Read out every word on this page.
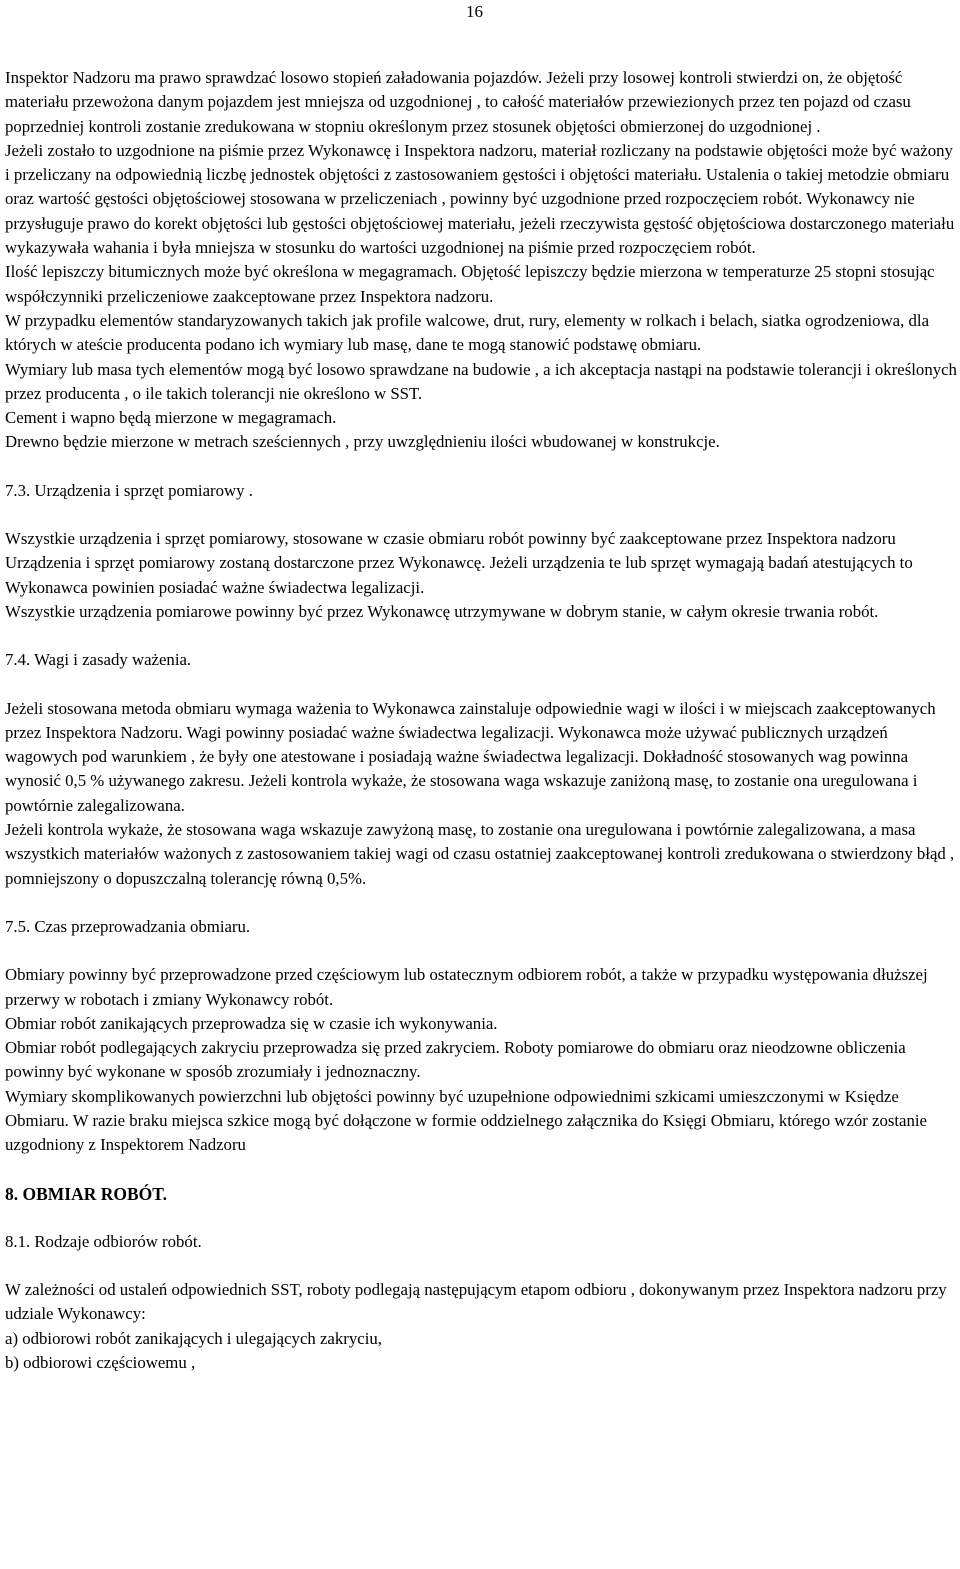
16

Inspektor Nadzoru ma prawo sprawdzać losowo stopień załadowania pojazdów. Jeżeli przy losowej kontroli stwierdzi on, że objętość materiału przewożona danym pojazdem jest mniejsza od uzgodnionej , to całość materiałów przewiezionych przez ten pojazd od czasu poprzedniej kontroli zostanie zredukowana w stopniu określonym przez stosunek objętości obmierzonej do uzgodnionej .

Jeżeli zostało to uzgodnione na piśmie przez Wykonawcę i Inspektora nadzoru, materiał rozliczany na podstawie objętości może być ważony i przeliczany na odpowiednią liczbę jednostek objętości z zastosowaniem gęstości i objętości materiału. Ustalenia o takiej metodzie obmiaru oraz wartość gęstości objętościowej stosowana w przeliczeniach , powinny być uzgodnione przed rozpoczęciem robót. Wykonawcy nie przysługuje prawo do korekt objętości lub gęstości objętościowej materiału, jeżeli rzeczywista gęstość objętościowa dostarczonego materiału wykazywała wahania i była mniejsza w stosunku do wartości uzgodnionej na piśmie przed rozpoczęciem robót.

Ilość lepiszczy bitumicznych może być określona w megagramach. Objętość lepiszczy będzie mierzona w temperaturze 25 stopni stosując współczynniki przeliczeniowe zaakceptowane przez Inspektora nadzoru.

W przypadku elementów standaryzowanych takich jak profile walcowe, drut, rury, elementy w rolkach i belach, siatka ogrodzeniowa, dla których w ateście producenta podano ich wymiary lub masę, dane te mogą stanowić podstawę obmiaru.

Wymiary lub masa tych elementów mogą być losowo sprawdzane na budowie , a ich akceptacja nastąpi na podstawie tolerancji i określonych przez producenta , o ile takich tolerancji nie określono w SST.

Cement i wapno będą mierzone w megagramach.

Drewno będzie mierzone w metrach sześciennych , przy uwzględnieniu ilości wbudowanej w konstrukcje.

7.3. Urządzenia i sprzęt pomiarowy .

Wszystkie urządzenia i sprzęt pomiarowy, stosowane w czasie obmiaru robót powinny być zaakceptowane przez Inspektora nadzoru

Urządzenia i sprzęt pomiarowy zostaną dostarczone przez Wykonawcę. Jeżeli urządzenia te lub sprzęt wymagają badań atestujących to Wykonawca powinien posiadać ważne świadectwa legalizacji.

Wszystkie urządzenia pomiarowe powinny być przez Wykonawcę utrzymywane w dobrym stanie, w całym okresie trwania robót.

7.4. Wagi i zasady ważenia.

Jeżeli stosowana metoda obmiaru wymaga ważenia to Wykonawca zainstaluje odpowiednie wagi w ilości i w miejscach zaakceptowanych przez Inspektora Nadzoru. Wagi powinny posiadać ważne świadectwa legalizacji. Wykonawca może używać publicznych urządzeń wagowych pod warunkiem , że były one atestowane i posiadają ważne świadectwa legalizacji. Dokładność stosowanych wag powinna wynosić 0,5 % używanego zakresu. Jeżeli kontrola wykaże, że stosowana waga wskazuje zaniżoną masę, to zostanie ona uregulowana i powtórnie zalegalizowana.

Jeżeli kontrola wykaże, że stosowana waga wskazuje zawyżoną masę, to zostanie ona uregulowana i powtórnie zalegalizowana, a masa wszystkich materiałów ważonych z zastosowaniem takiej wagi od czasu ostatniej zaakceptowanej kontroli zredukowana o stwierdzony błąd , pomniejszony o dopuszczalną tolerancję równą 0,5%.

7.5. Czas przeprowadzania obmiaru.

Obmiary powinny być przeprowadzone przed częściowym lub ostatecznym odbiorem robót, a także w przypadku występowania dłuższej przerwy w robotach i zmiany Wykonawcy robót.

Obmiar robót zanikających przeprowadza się w czasie ich wykonywania.

Obmiar robót podlegających zakryciu przeprowadza się przed zakryciem. Roboty pomiarowe do obmiaru oraz nieodzowne obliczenia powinny być wykonane w sposób zrozumiały i jednoznaczny.

Wymiary skomplikowanych powierzchni lub objętości powinny być uzupełnione odpowiednimi szkicami umieszczonymi w Księdze Obmiaru. W razie braku miejsca szkice mogą być dołączone w formie oddzielnego załącznika do Księgi Obmiaru, którego wzór zostanie uzgodniony z Inspektorem Nadzoru

8. OBMIAR ROBÓT.

8.1. Rodzaje odbiorów robót.

W zależności od ustaleń odpowiednich SST, roboty podlegają następującym etapom odbioru , dokonywanym przez Inspektora nadzoru przy udziale Wykonawcy:

a) odbiorowi robót zanikających i ulegających zakryciu,

b) odbiorowi częściowemu ,
